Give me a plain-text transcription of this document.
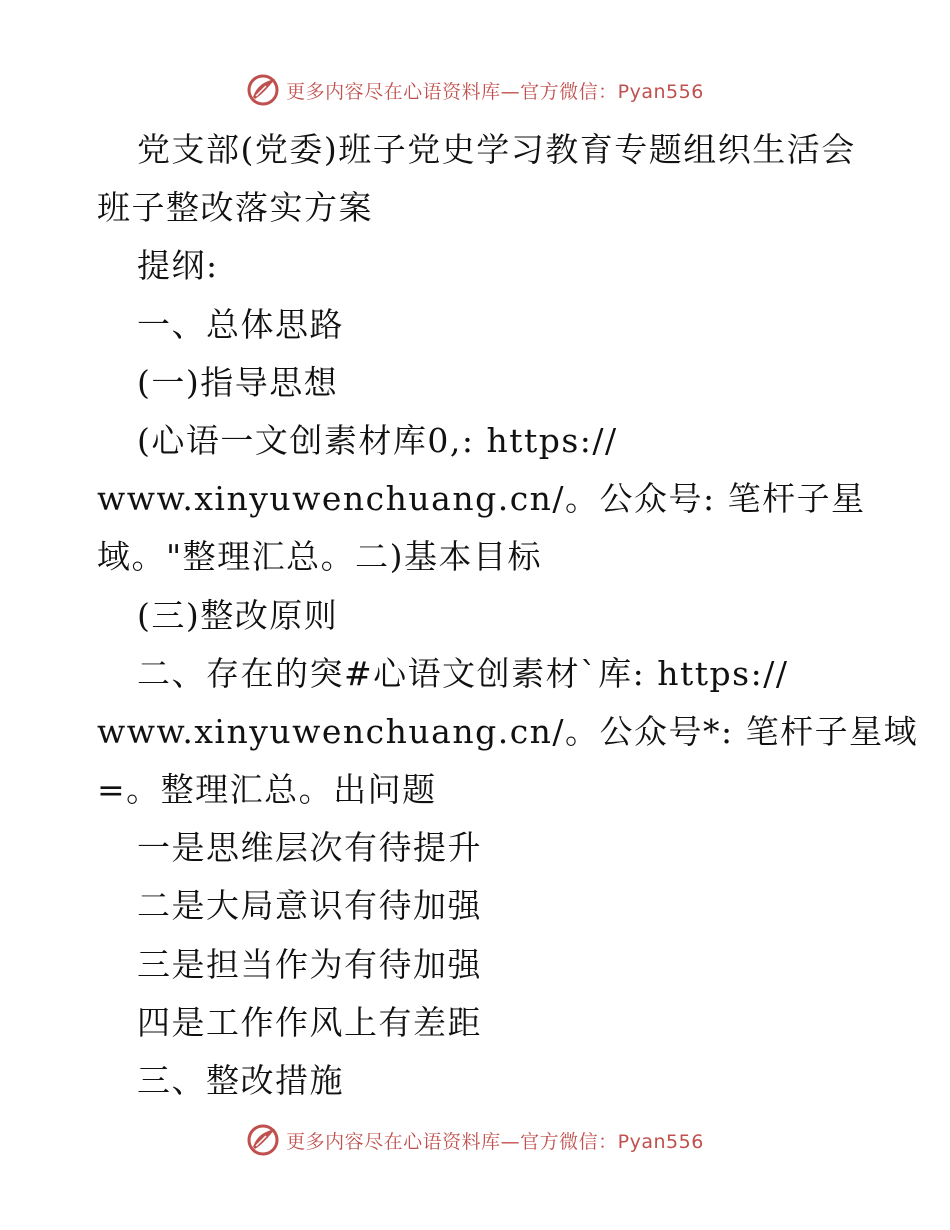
更多内容尽在心语资料库—官方微信：Pyan556
党支部(党委)班子党史学习教育专题组织生活会
班子整改落实方案
提纲:
一、总体思路
(一)指导思想
(心语一文创素材库0,: https://
www.xinyuwenchuang.cn/。公众号: 笔杆子星
域。"整理汇总。二)基本目标
(三)整改原则
二、存在的突#心语文创素材`库: https://
www.xinyuwenchuang.cn/。公众号*: 笔杆子星域
=。整理汇总。出问题
一是思维层次有待提升
二是大局意识有待加强
三是担当作为有待加强
四是工作作风上有差距
三、整改措施
更多内容尽在心语资料库—官方微信：Pyan556
